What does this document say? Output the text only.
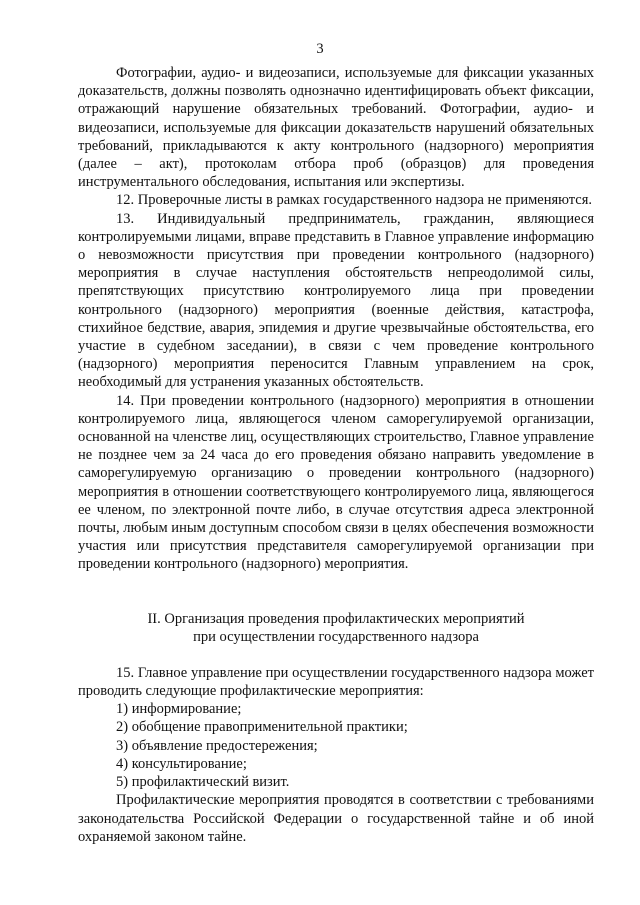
3

Фотографии, аудио- и видеозаписи, используемые для фиксации указанных доказательств, должны позволять однозначно идентифицировать объект фиксации, отражающий нарушение обязательных требований. Фотографии, аудио- и видеозаписи, используемые для фиксации доказательств нарушений обязательных требований, прикладываются к акту контрольного (надзорного) мероприятия (далее – акт), протоколам отбора проб (образцов) для проведения инструментального обследования, испытания или экспертизы.

12. Проверочные листы в рамках государственного надзора не применяются.

13. Индивидуальный предприниматель, гражданин, являющиеся контролируемыми лицами, вправе представить в Главное управление информацию о невозможности присутствия при проведении контрольного (надзорного) мероприятия в случае наступления обстоятельств непреодолимой силы, препятствующих присутствию контролируемого лица при проведении контрольного (надзорного) мероприятия (военные действия, катастрофа, стихийное бедствие, авария, эпидемия и другие чрезвычайные обстоятельства, его участие в судебном заседании), в связи с чем проведение контрольного (надзорного) мероприятия переносится Главным управлением на срок, необходимый для устранения указанных обстоятельств.

14. При проведении контрольного (надзорного) мероприятия в отношении контролируемого лица, являющегося членом саморегулируемой организации, основанной на членстве лиц, осуществляющих строительство, Главное управление не позднее чем за 24 часа до его проведения обязано направить уведомление в саморегулируемую организацию о проведении контрольного (надзорного) мероприятия в отношении соответствующего контролируемого лица, являющегося ее членом, по электронной почте либо, в случае отсутствия адреса электронной почты, любым иным доступным способом связи в целях обеспечения возможности участия или присутствия представителя саморегулируемой организации при проведении контрольного (надзорного) мероприятия.

II. Организация проведения профилактических мероприятий
при осуществлении государственного надзора

15. Главное управление при осуществлении государственного надзора может проводить следующие профилактические мероприятия:

1) информирование;

2) обобщение правоприменительной практики;

3) объявление предостережения;

4) консультирование;

5) профилактический визит.

Профилактические мероприятия проводятся в соответствии с требованиями законодательства Российской Федерации о государственной тайне и об иной охраняемой законом тайне.
